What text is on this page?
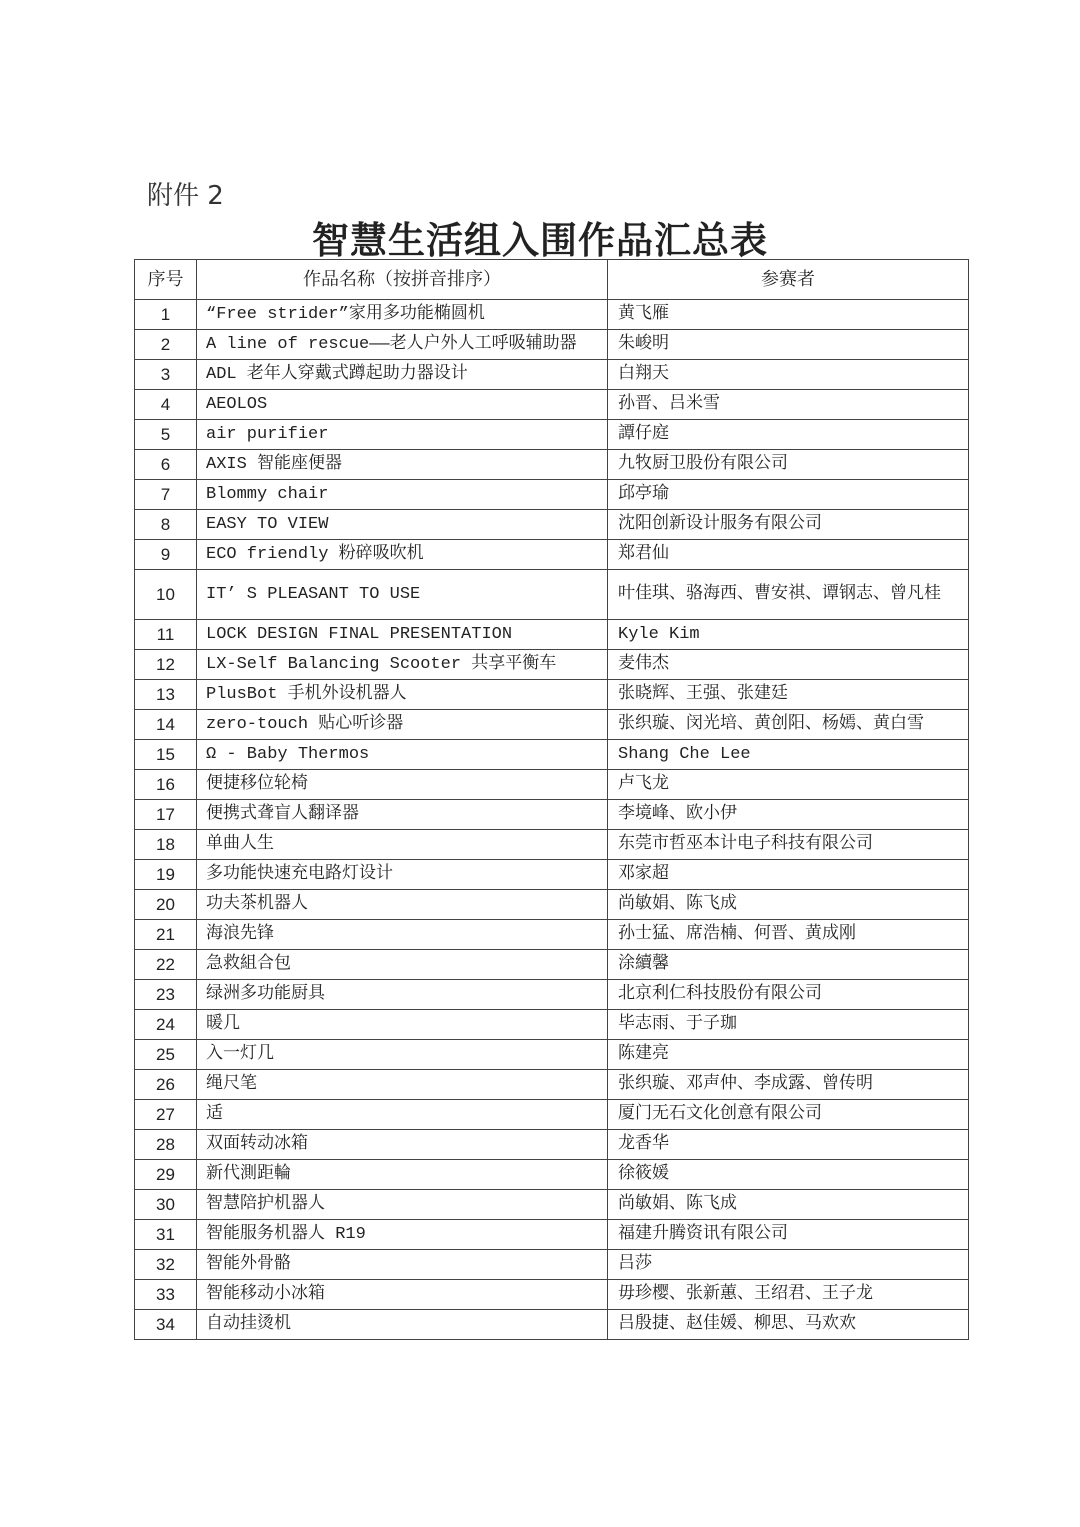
附件 2
智慧生活组入围作品汇总表
序号	作品名称（按拼音排序）	参赛者
1	“Free strider”家用多功能椭圆机	黄飞雁
2	A line of rescue——老人户外人工呼吸辅助器	朱峻明
3	ADL 老年人穿戴式蹲起助力器设计	白翔天
4	AEOLOS	孙晋、吕米雪
5	air purifier	譚仔庭
6	AXIS 智能座便器	九牧厨卫股份有限公司
7	Blommy chair	邱亭瑜
8	EASY TO VIEW	沈阳创新设计服务有限公司
9	ECO friendly 粉碎吸吹机	郑君仙
10	IT’ S PLEASANT TO USE	叶佳琪、骆海西、曹安祺、谭钢志、曾凡桂
11	LOCK DESIGN FINAL PRESENTATION	Kyle Kim
12	LX-Self Balancing Scooter 共享平衡车	麦伟杰
13	PlusBot 手机外设机器人	张晓辉、王强、张建廷
14	zero-touch 贴心听诊器	张织璇、闵光培、黄创阳、杨嫣、黄白雪
15	Ω - Baby Thermos	Shang Che Lee
16	便捷移位轮椅	卢飞龙
17	便携式聋盲人翻译器	李境峰、欧小伊
18	单曲人生	东莞市哲巫本计电子科技有限公司
19	多功能快速充电路灯设计	邓家超
20	功夫茶机器人	尚敏娟、陈飞成
21	海浪先锋	孙士猛、席浩楠、何晋、黄成刚
22	急救組合包	涂續馨
23	绿洲多功能厨具	北京利仁科技股份有限公司
24	暖几	毕志雨、于子珈
25	入一灯几	陈建亮
26	绳尺笔	张织璇、邓声仲、李成露、曾传明
27	适	厦门无石文化创意有限公司
28	双面转动冰箱	龙香华
29	新代測距輪	徐筱媛
30	智慧陪护机器人	尚敏娟、陈飞成
31	智能服务机器人 R19	福建升腾资讯有限公司
32	智能外骨骼	吕莎
33	智能移动小冰箱	毋珍樱、张新蕙、王绍君、王子龙
34	自动挂烫机	吕殷捷、赵佳媛、柳思、马欢欢
